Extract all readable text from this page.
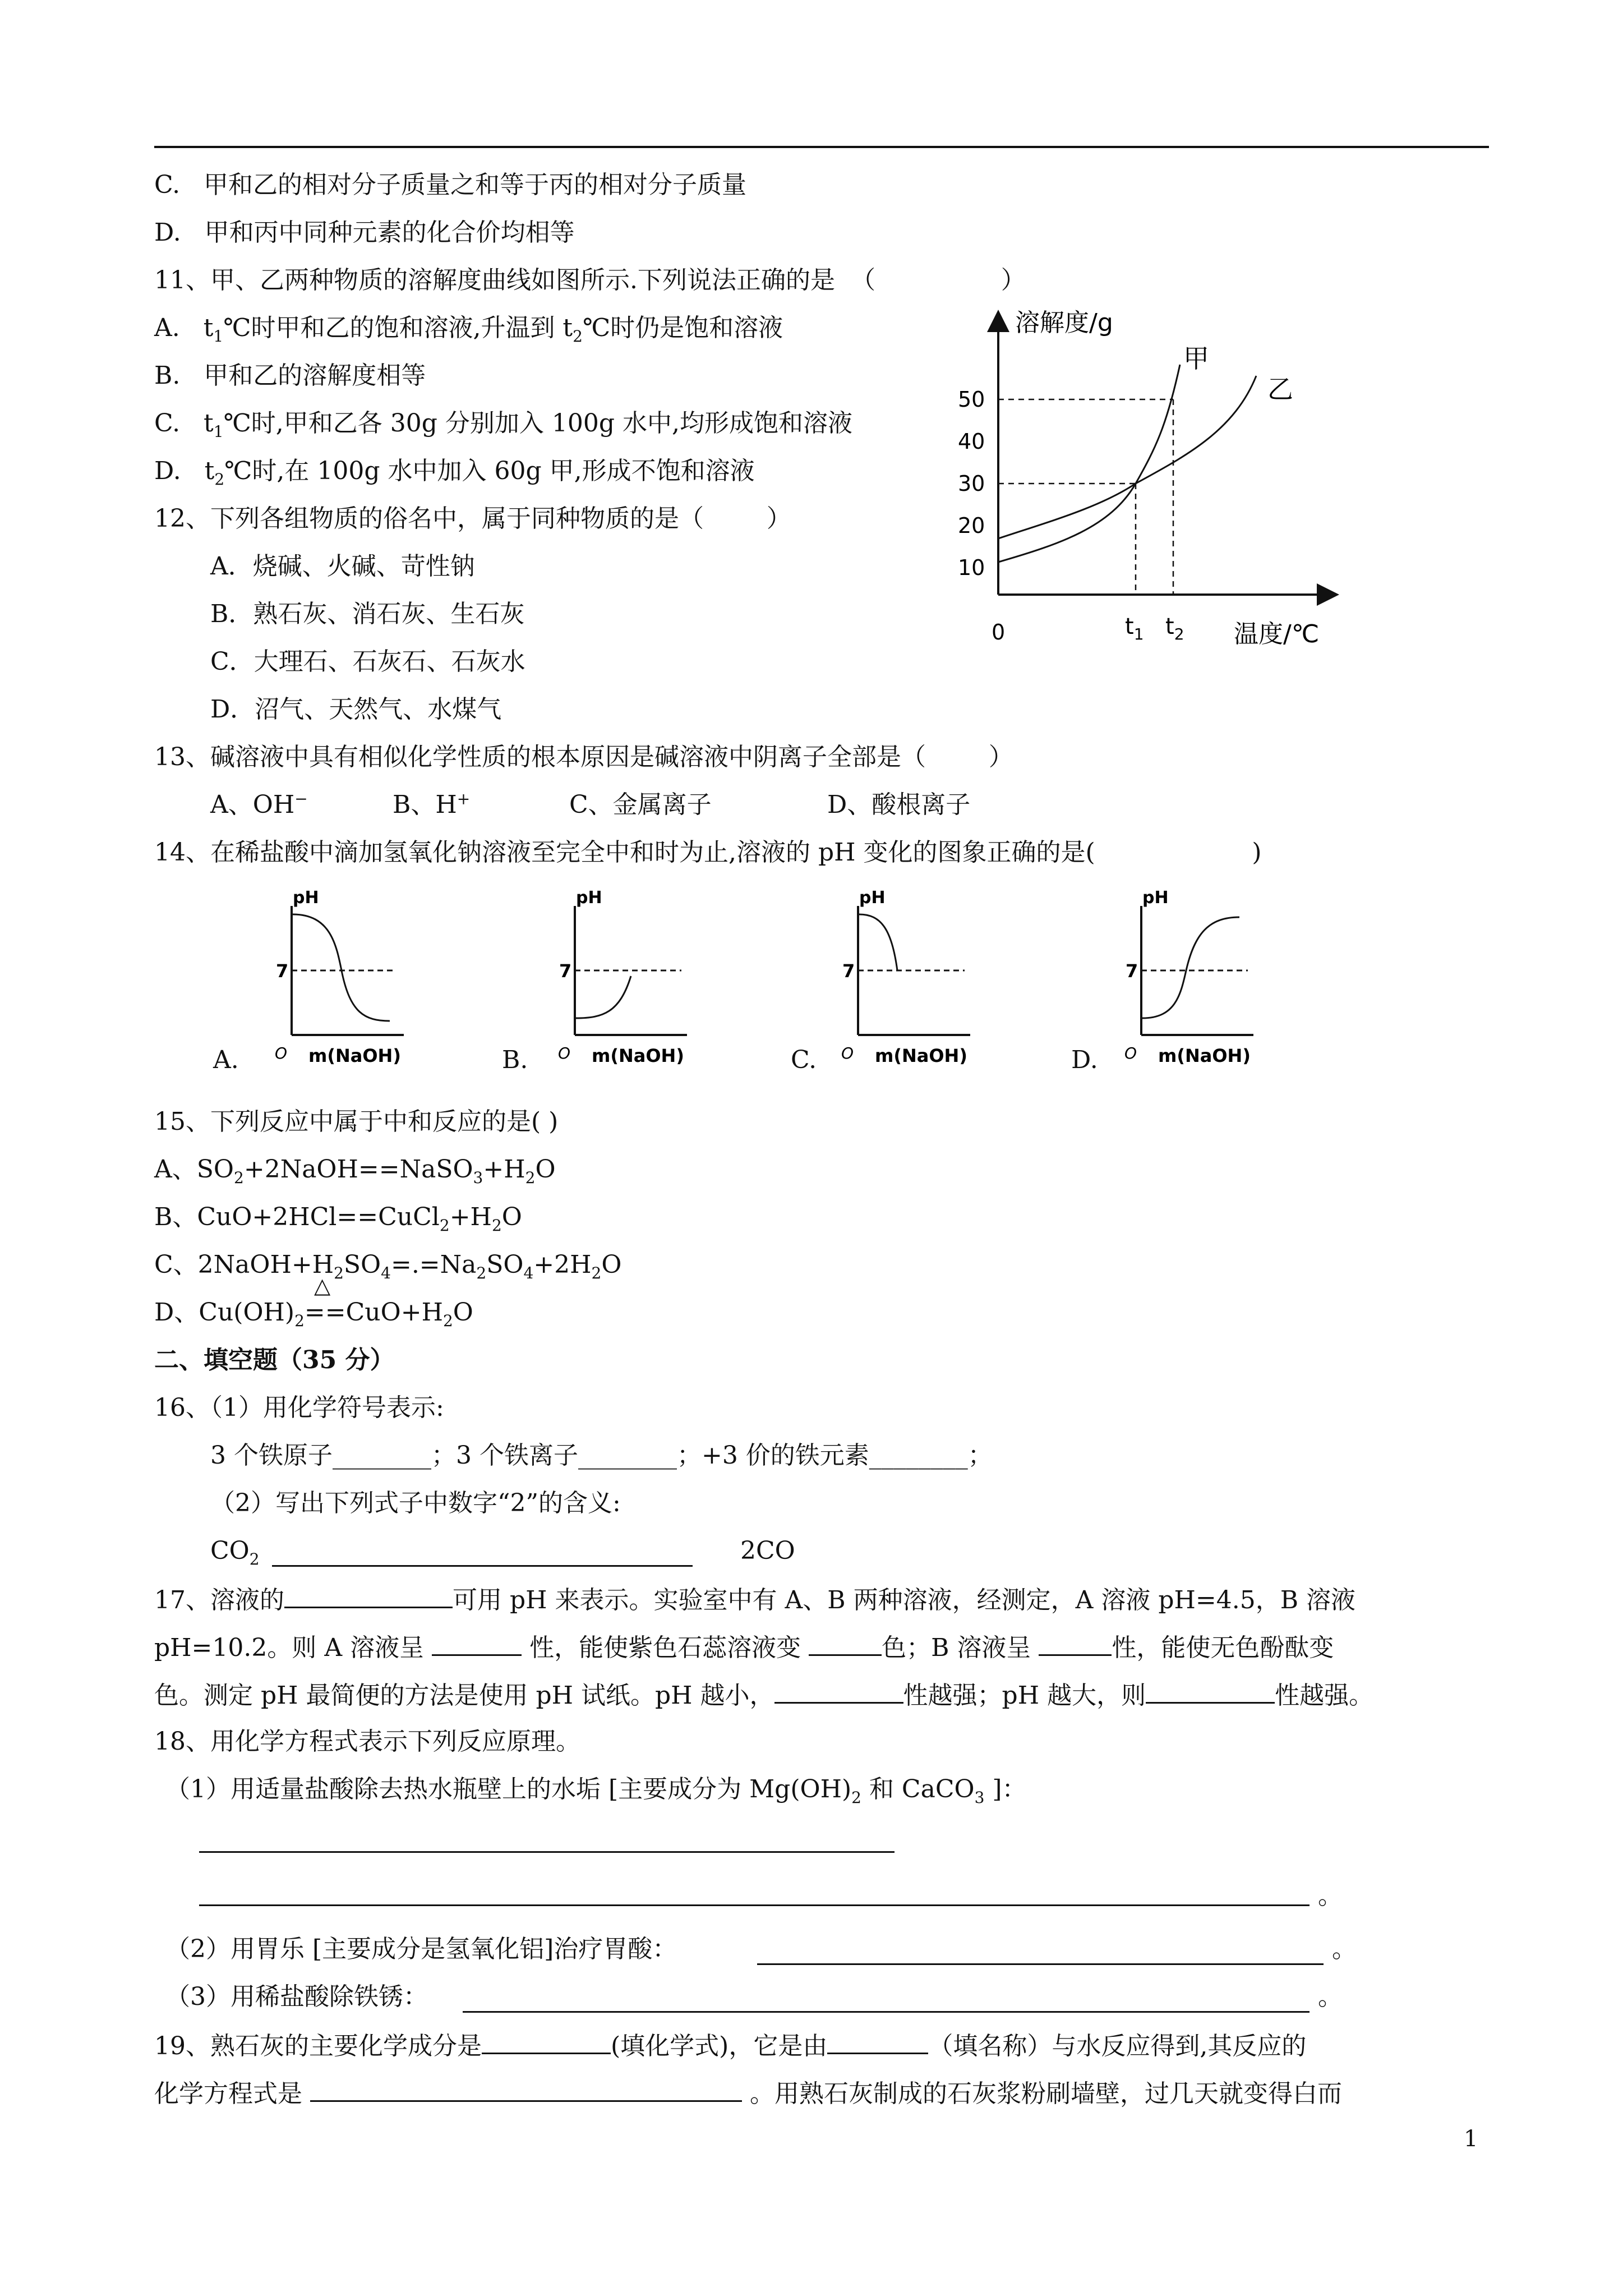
C.   甲和乙的相对分子质量之和等于丙的相对分子质量
D.   甲和丙中同种元素的化合价均相等
11、甲、乙两种物质的溶解度曲线如图所示.下列说法正确的是  （                ）
A.   $t_1℃$时甲和乙的饱和溶液,升温到 $t_2℃$时仍是饱和溶液
B.   甲和乙的溶解度相等
C.   $t_1℃$时,甲和乙各 30g 分别加入 100g 水中,均形成饱和溶液
D.   $t_2℃$时,在 100g 水中加入 60g 甲,形成不饱和溶液
溶解度/g
温度/℃
0
50
40
30
20
10
甲
乙
$t_1$ $t_2$
12、下列各组物质的俗名中，属于同种物质的是（        ）
A．烧碱、火碱、苛性钠
B．熟石灰、消石灰、生石灰
C．大理石、石灰石、石灰水
D．沼气、天然气、水煤气
13、碱溶液中具有相似化学性质的根本原因是碱溶液中阴离子全部是（        ）
A、OH−	B、H+	C、金属离子	D、酸根离子
14、在稀盐酸中滴加氢氧化钠溶液至完全中和时为止,溶液的 pH 变化的图象正确的是(                    )
pH
7
O m(NaOH)
pH
7
O m(NaOH)
pH
7
O m(NaOH)
pH
7
O m(NaOH)
A.	B.	C.	D.
15、下列反应中属于中和反应的是( )
A、$SO_2+2NaOH==NaSO_3+H_2O$
B、$CuO+2HCl==CuCl_2+H_2O$
C、$2NaOH+H_2SO_4=.=Na_2SO_4+2H_2O$
△
D、$Cu(OH)_2==CuO+H_2O$
二、填空题（35 分）
16、（1）用化学符号表示:
3 个铁原子________；3 个铁离子________；+3 价的铁元素________；
（2）写出下列式子中数字“2”的含义:
$CO_2$	2CO
17、溶液的	可用 pH 来表示。实验室中有 A、B 两种溶液，经测定，A 溶液 pH=4.5，B 溶液
pH=10.2。则 A 溶液呈	性，能使紫色石蕊溶液变	色；B 溶液呈	性，能使无色酚酞变
色。测定 pH 最简便的方法是使用 pH 试纸。pH 越小，	性越强；pH 越大，则	性越强。
18、用化学方程式表示下列反应原理。
（1）用适量盐酸除去热水瓶壁上的水垢 [主要成分为 $Mg(OH)_2$ 和 CaCO$_3$ ]：
。
（2）用胃乐 [主要成分是氢氧化铝]治疗胃酸：	。
（3）用稀盐酸除铁锈：	。
19、熟石灰的主要化学成分是	(填化学式)，它是由	（填名称）与水反应得到,其反应的
化学方程式是	。用熟石灰制成的石灰浆粉刷墙壁，过几天就变得白而
1
